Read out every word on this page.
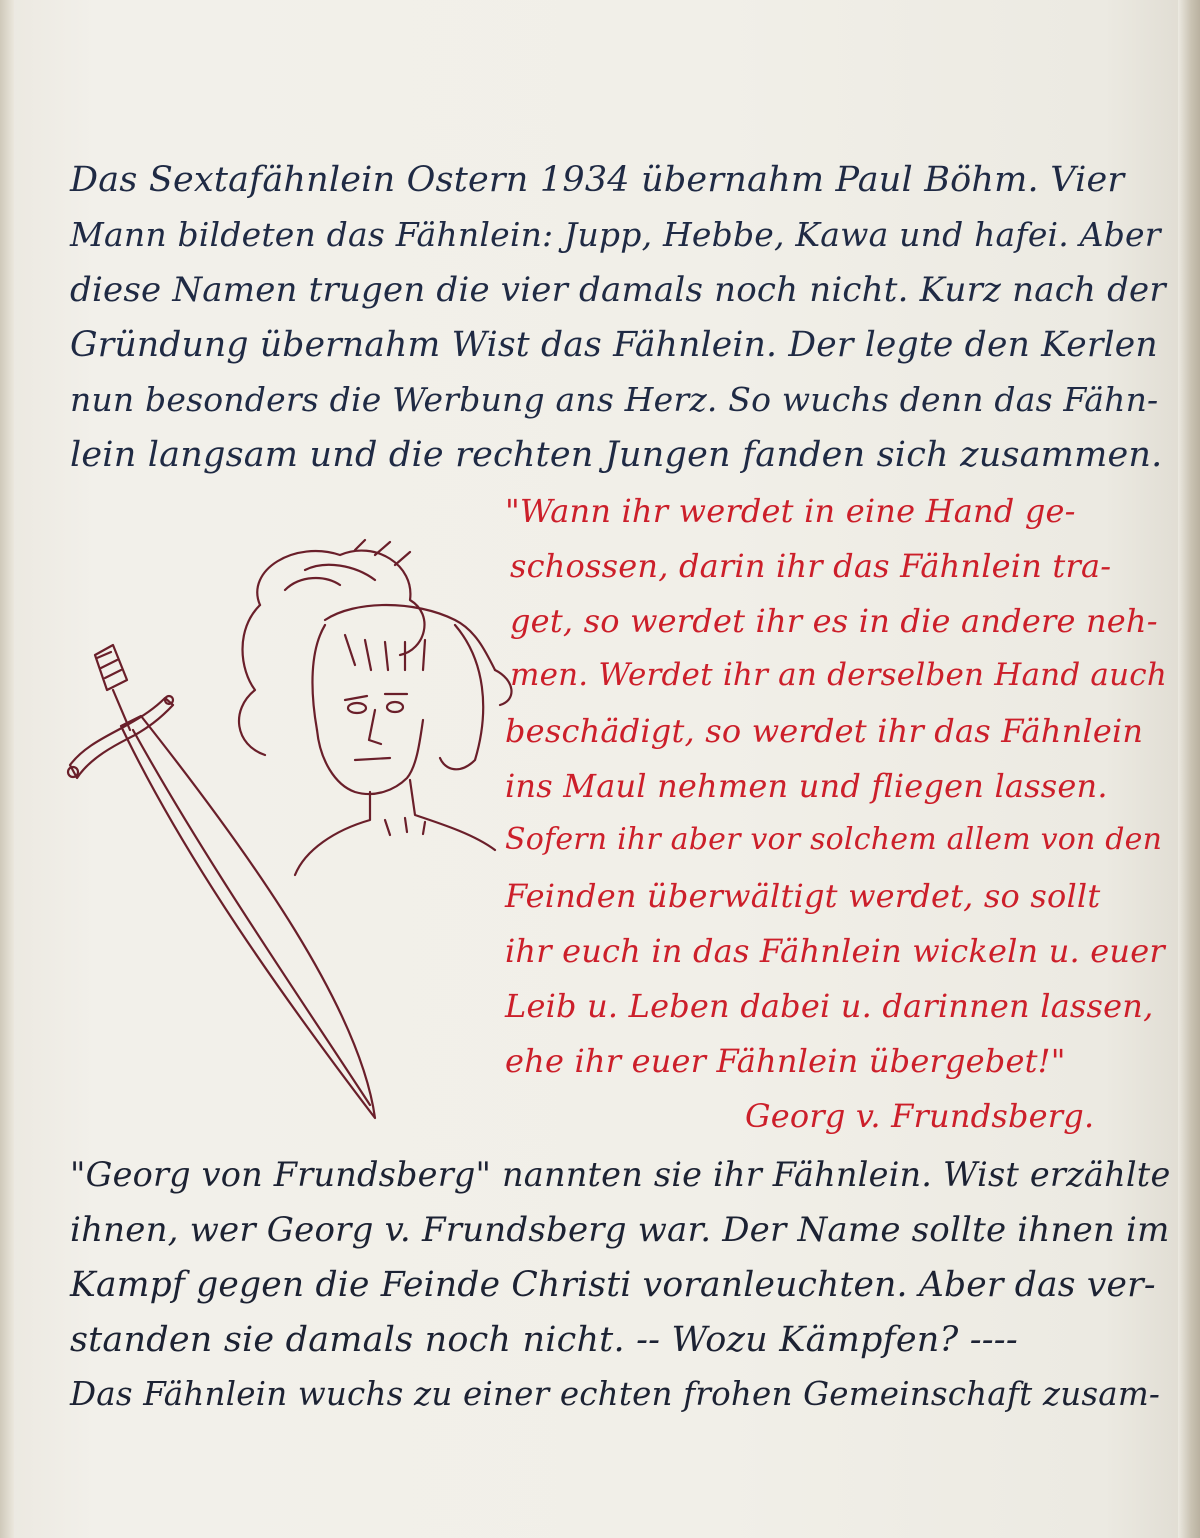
Das Sextafähnlein Ostern 1934 übernahm Paul Böhm. Vier
Mann bildeten das Fähnlein: Jupp, Hebbe, Kawa und hafei. Aber
diese Namen trugen die vier damals noch nicht. Kurz nach der
Gründung übernahm Wist das Fähnlein. Der legte den Kerlen
nun besonders die Werbung ans Herz. So wuchs denn das Fähn-
lein langsam und die rechten Jungen fanden sich zusammen.
"Wann ihr werdet in eine Hand ge-
schossen, darin ihr das Fähnlein tra-
get, so werdet ihr es in die andere neh-
men. Werdet ihr an derselben Hand auch
beschädigt, so werdet ihr das Fähnlein
ins Maul nehmen und fliegen lassen.
Sofern ihr aber vor solchem allem von den
Feinden überwältigt werdet, so sollt
ihr euch in das Fähnlein wickeln u. euer
Leib u. Leben dabei u. darinnen lassen,
ehe ihr euer Fähnlein übergebet!"
Georg v. Frundsberg.
"Georg von Frundsberg" nannten sie ihr Fähnlein. Wist erzählte
ihnen, wer Georg v. Frundsberg war. Der Name sollte ihnen im
Kampf gegen die Feinde Christi voranleuchten. Aber das ver-
standen sie damals noch nicht. -- Wozu Kämpfen? ----
Das Fähnlein wuchs zu einer echten frohen Gemeinschaft zusam-
